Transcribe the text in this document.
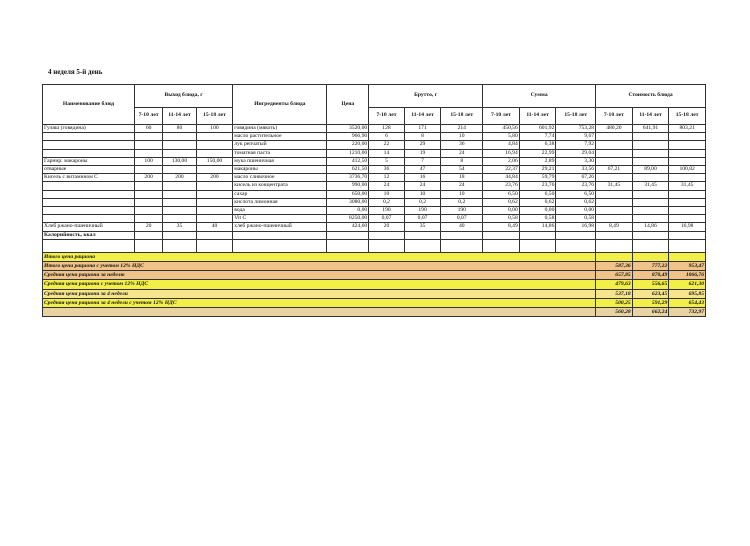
4 неделя 5-й день
Наименование блюд	Выход блюда, г			Ингредиенты блюда	Цена	Брутто, г			Сумма			Стоимость блюда		
	7-10 лет	11-14 лет	15-18 лет			7-10 лет	11-14 лет	15-18 лет	7-10 лет	11-14 лет	15-18 лет	7-10 лет	11-14 лет	15-18 лет
Гуляш (говядина)	60	80	100	говядина (мякоть)	3520,00	128	171	214	450,56	601,92	753,28	480,20	641,91	803,21
				масло растительное	966,90	6	8	10	5,80	7,74	9,67			
				лук репчатый	220,00	22	29	36	4,84	6,38	7,92			
				томатная паста	1210,00	14	19	24	16,94	22,99	29,04			
Гарнир: макароны	100	130,00	150,00	мука пшеничная	412,50	5	7	8	2,06	2,89	3,30			
отварные				макароны	621,50	36	47	54	22,37	29,21	33,56	67,21	89,00	100,82
Кисель с витамином С	200	200	200	масло сливочное	3736,70	12	16	18	44,84	59,79	67,26			
				кисель из концентрата	990,00	24	24	24	23,76	23,76	23,76	31,45	31,45	31,45
				сахар	650,00	10	10	10	6,50	6,50	6,50			
				кислота лимонная	3080,00	0,2	0,2	0,2	0,62	0,62	0,62			
				вода	0,00	190	190	190	0,00	0,00	0,00			
				Vit C	8250,00	0,07	0,07	0,07	0,58	0,58	0,58			
Хлеб ржано-пшеничный	20	35	40	хлеб ржано-пшеничный	424,60	20	35	40	8,49	14,86	16,98	8,49	14,86	16,98
Калорийность, ккал														

Итого цена рациона														
Итого цена рациона с учетом 12% НДС												587,36	777,22	953,47
Средняя цена рациона за неделю												657,85	870,49	1066,76
Средняя цена рациона с учетом 12% НДС												479,63	556,65	621,30
Средняя цена рациона за 4 недели												537,18	623,45	695,85
Средняя цена рациона за 4 недели с учетом 12% НДС												500,25	591,29	654,43
												560,28	662,24	732,97
